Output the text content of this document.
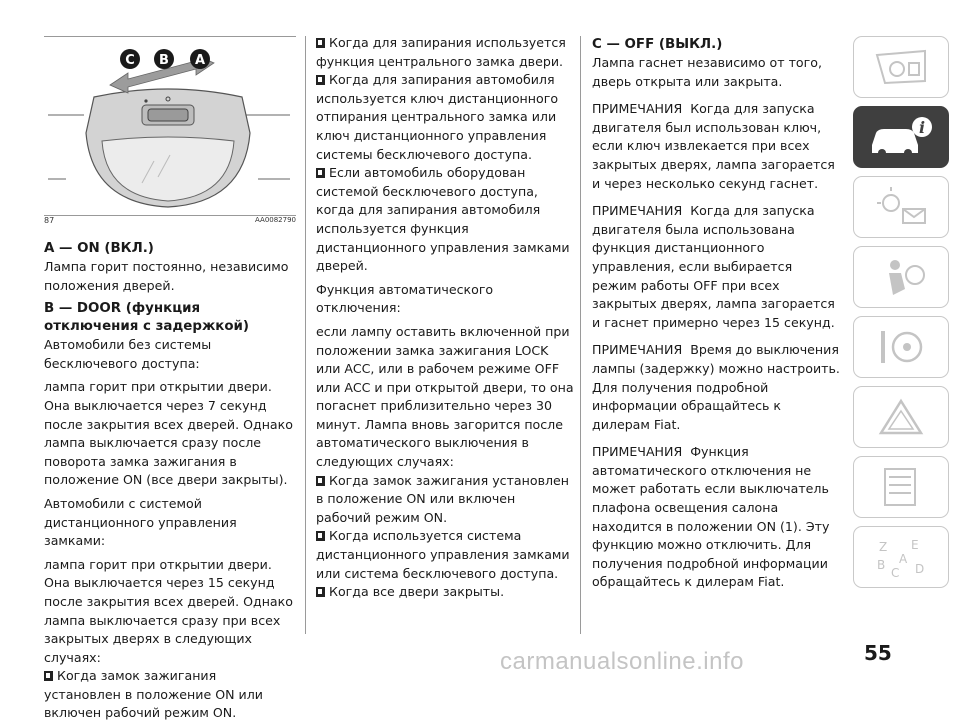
C B A
87	AA0082790
A — ON (ВКЛ.)

Лампа горит постоянно, независимо положения дверей.

B — DOOR (функция отключения с задержкой)

Автомобили без системы бесключевого доступа:

лампа горит при открытии двери. Она выключается через 7 секунд после закрытия всех дверей. Однако лампа выключается сразу после поворота замка зажигания в положение ON (все двери закрыты).

Автомобили с системой дистанционного управления замками:

лампа горит при открытии двери. Она выключается через 15 секунд после закрытия всех дверей. Однако лампа выключается сразу при всех закрытых дверях в следующих случаях:

Когда замок зажигания установлен в положение ON или включен рабочий режим ON.

Когда для запирания используется функция центрального замка двери.

Когда для запирания автомобиля используется ключ дистанционного отпирания центрального замка или ключ дистанционного управления системы бесключевого доступа.

Если автомобиль оборудован системой бесключевого доступа, когда для запирания автомобиля используется функция дистанционного управления замками дверей.

Функция автоматического отключения:

если лампу оставить включенной при положении замка зажигания LOCK или ACC, или в рабочем режиме OFF или ACC и при открытой двери, то она погаснет приблизительно через 30 минут. Лампа вновь загорится после автоматического выключения в следующих случаях:

Когда замок зажигания установлен в положение ON или включен рабочий режим ON.

Когда используется система дистанционного управления замками или система бесключевого доступа.

Когда все двери закрыты.

C — OFF (ВЫКЛ.)

Лампа гаснет независимо от того, дверь открыта или закрыта.

ПРИМЕЧАНИЯ Когда для запуска двигателя был использован ключ, если ключ извлекается при всех закрытых дверях, лампа загорается и через несколько секунд гаснет.

ПРИМЕЧАНИЯ Когда для запуска двигателя была использована функция дистанционного управления, если выбирается режим работы OFF при всех закрытых дверях, лампа загорается и гаснет примерно через 15 секунд.

ПРИМЕЧАНИЯ Время до выключения лампы (задержку) можно настроить. Для получения подробной информации обращайтесь к дилерам Fiat.

ПРИМЕЧАНИЯ Функция автоматического отключения не может работать если выключатель плафона освещения салона находится в положении ON (1). Эту функцию можно отключить. Для получения подробной информации обращайтесь к дилерам Fiat.

i
Z E
A
B D
C
55
carmanualsonline.info
